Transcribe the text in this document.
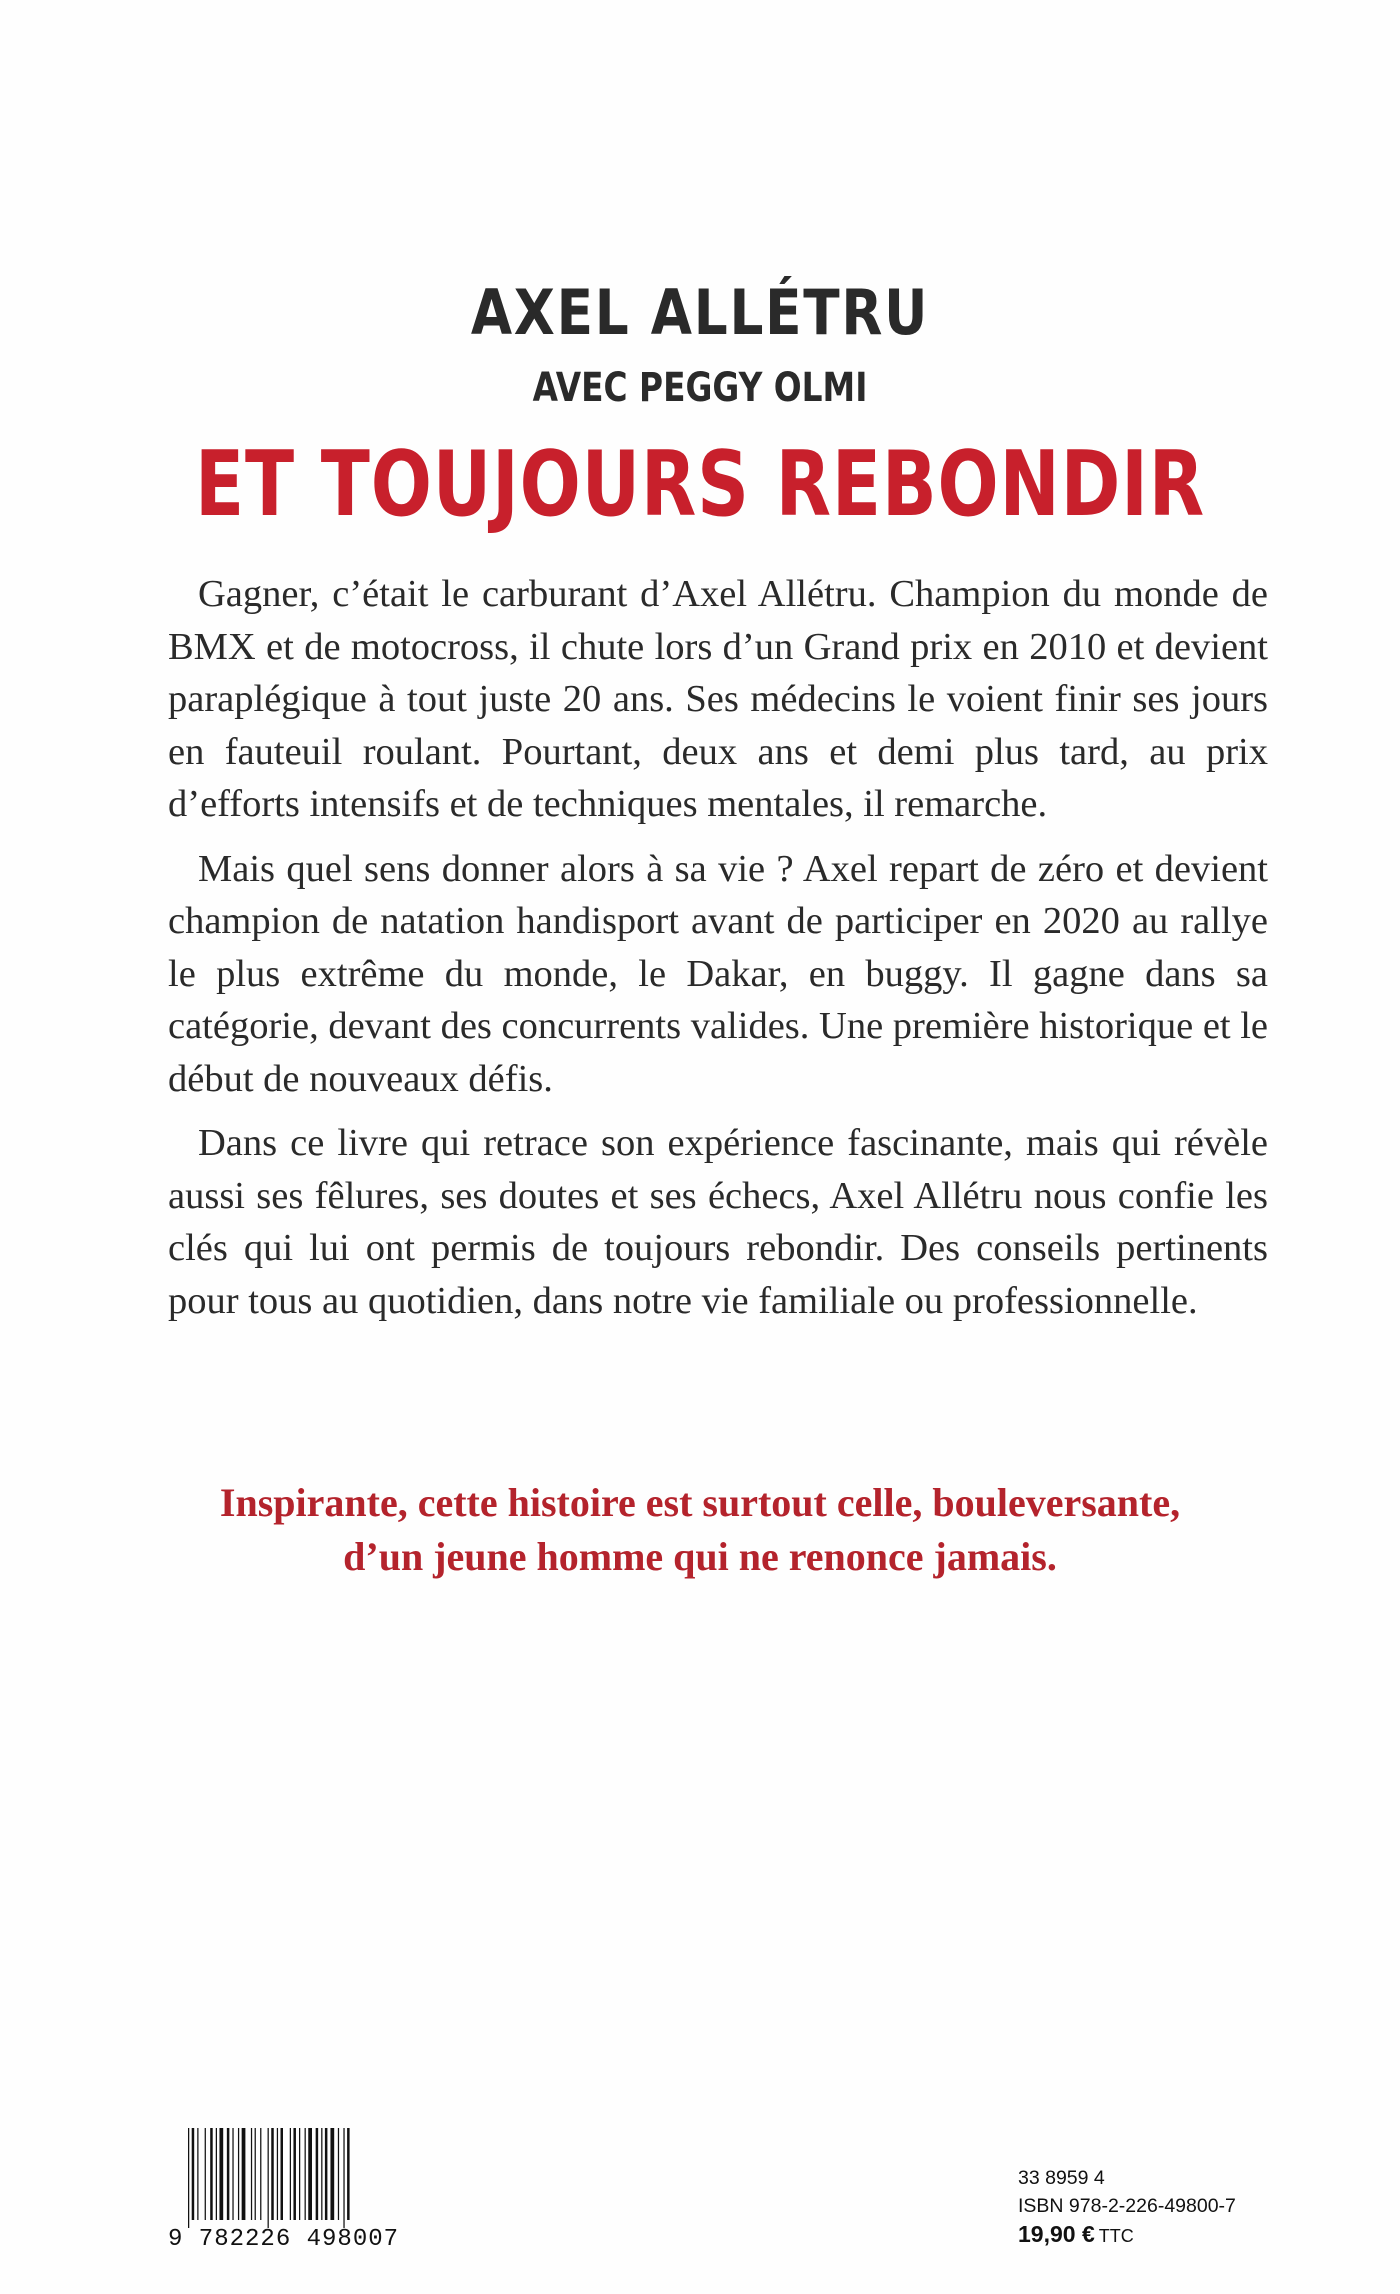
AXEL ALLÉTRU
AVEC PEGGY OLMI
ET TOUJOURS REBONDIR

Gagner, c’était le carburant d’Axel Allétru. Champion du monde de BMX et de motocross, il chute lors d’un Grand prix en 2010 et devient paraplégique à tout juste 20 ans. Ses médecins le voient finir ses jours en fauteuil roulant. Pourtant, deux ans et demi plus tard, au prix d’efforts intensifs et de techniques mentales, il remarche.

Mais quel sens donner alors à sa vie ? Axel repart de zéro et devient champion de natation handisport avant de participer en 2020 au rallye le plus extrême du monde, le Dakar, en buggy. Il gagne dans sa catégorie, devant des concurrents valides. Une première historique et le début de nouveaux défis.

Dans ce livre qui retrace son expérience fascinante, mais qui révèle aussi ses fêlures, ses doutes et ses échecs, Axel Allétru nous confie les clés qui lui ont permis de toujours rebondir. Des conseils pertinents pour tous au quotidien, dans notre vie familiale ou professionnelle.

Inspirante, cette histoire est surtout celle, bouleversante,
d’un jeune homme qui ne renonce jamais.
9 782226 498007
33 8959 4
ISBN 978-2-226-49800-7
19,90 € TTC
